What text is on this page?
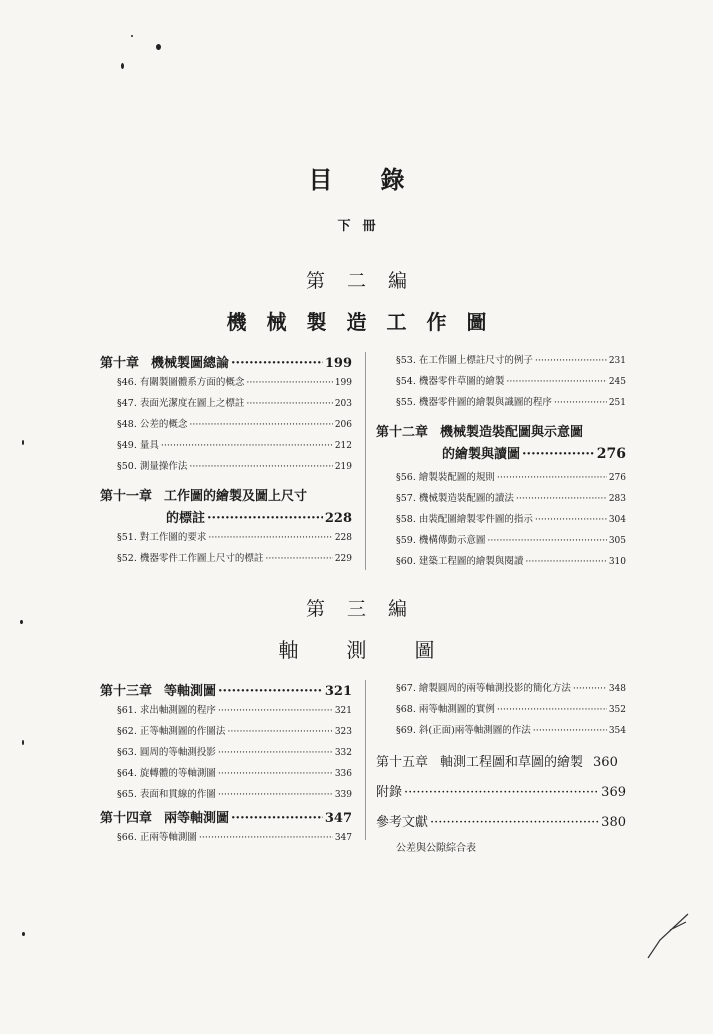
目錄
下冊
第二編
機械製造工作圖
第十章 機械製圖總論 ·····	199
§46. 有關製圖體系方面的概念 ·····	199
§47. 表面光潔度在圖上之標註 ·····	203
§48. 公差的概念 ·····	206
§49. 量具 ·····	212
§50. 測量操作法 ·····	219
第十一章 工作圖的繪製及圖上尺寸
的標註 ·····	228
§51. 對工作圖的要求 ·····	228
§52. 機器零件工作圖上尺寸的標註 ·····	229
§53. 在工作圖上標註尺寸的例子 ·····	231
§54. 機器零件草圖的繪製 ·····	245
§55. 機器零件圖的繪製與識圖的程序 ·····	251
第十二章 機械製造裝配圖與示意圖
的繪製與讀圖 ·····	276
§56. 繪製裝配圖的規則 ·····	276
§57. 機械製造裝配圖的讀法 ·····	283
§58. 由裝配圖繪製零件圖的指示 ·····	304
§59. 機構傳動示意圖 ·····	305
§60. 建築工程圖的繪製與閱讀 ·····	310
第三編
軸測圖
第十三章 等軸測圖 ·····	321
§61. 求出軸測圖的程序 ·····	321
§62. 正等軸測圖的作圖法 ·····	323
§63. 圓周的等軸測投影 ·····	332
§64. 旋轉體的等軸測圖 ·····	336
§65. 表面和貫線的作圖 ·····	339
第十四章 兩等軸測圖 ·····	347
§66. 正兩等軸測圖 ·····	347
§67. 繪製圓周的兩等軸測投影的簡化方法 ·····	348
§68. 兩等軸測圖的實例 ·····	352
§69. 斜(正面)兩等軸測圖的作法 ·····	354
第十五章 軸測工程圖和草圖的繪製 360
附錄 ·····	369
參考文獻 ·····	380
公差與公隙綜合表
